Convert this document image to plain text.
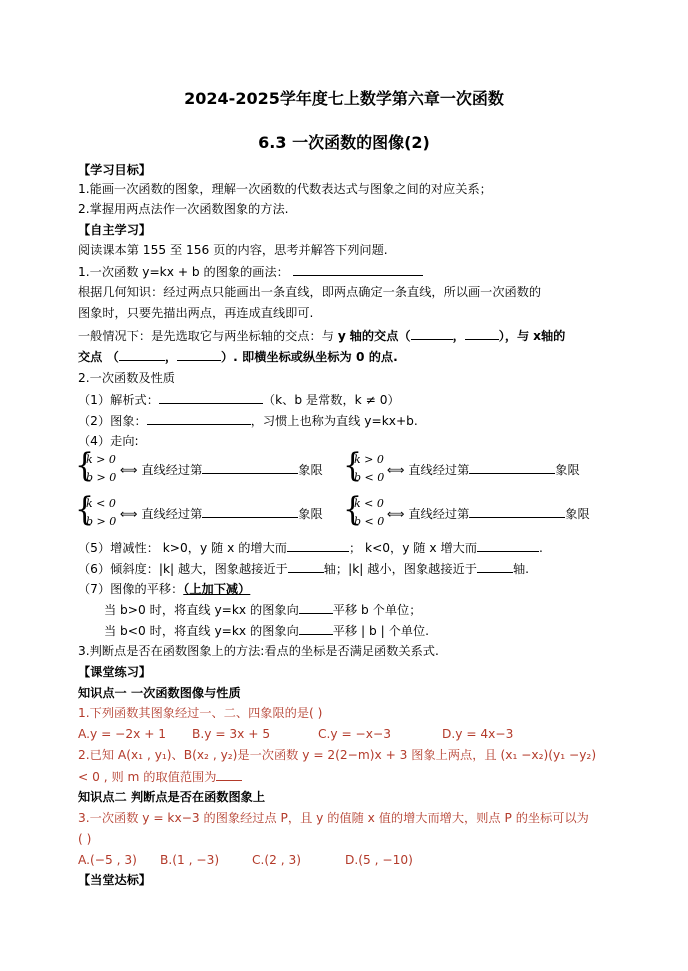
2024-2025学年度七上数学第六章一次函数
6.3 一次函数的图像(2)
【学习目标】
1.能画一次函数的图象，理解一次函数的代数表达式与图象之间的对应关系；
2.掌握用两点法作一次函数图象的方法.
【自主学习】
阅读课本第 155 至 156 页的内容，思考并解答下列问题.
1.一次函数 y=kx + b 的图象的画法：
根据几何知识：经过两点只能画出一条直线，即两点确定一条直线，所以画一次函数的
图象时，只要先描出两点，再连成直线即可.
一般情况下：是先选取它与两坐标轴的交点：与 y 轴的交点（	，	），与 x轴的
交点 （	，	）. 即横坐标或纵坐标为 0 的点.
2.一次函数及性质
（1）解析式：	（k、b 是常数，k ≠ 0）
（2）图象：	，习惯上也称为直线 y=kx+b.
（4）走向:
{
k > 0
b > 0
⟺ 直线经过第	象限 {
k > 0
b < 0
⟺ 直线经过第	象限
{
k < 0
b > 0
⟺ 直线经过第	象限 {
k < 0
b < 0
⟺ 直线经过第	象限
（5）增减性： k>0，y 随 x 的增大而	； k<0，y 随 x 增大而	.
（6）倾斜度：|k| 越大，图象越接近于	轴；|k| 越小，图象越接近于	轴.
（7）图像的平移：（上加下减）
当 b>0 时，将直线 y=kx 的图象向	平移 b 个单位；
当 b<0 时，将直线 y=kx 的图象向	平移 | b | 个单位.
3.判断点是否在函数图象上的方法:看点的坐标是否满足函数关系式.
【课堂练习】
知识点一 一次函数图像与性质
1.下列函数其图象经过一、二、四象限的是( )
A.y = −2x + 1 B.y = 3x + 5	C.y = −x−3	D.y = 4x−3
2.已知 A(x₁ , y₁)、B(x₂ , y₂)是一次函数 y = 2(2−m)x + 3 图象上两点，且 (x₁ −x₂)(y₁ −y₂)
< 0 , 则 m 的取值范围为
知识点二 判断点是否在函数图象上
3.一次函数 y = kx−3 的图象经过点 P，且 y 的值随 x 值的增大而增大，则点 P 的坐标可以为
( )
A.(−5 , 3) B.(1 , −3)	C.(2 , 3)	D.(5 , −10)
【当堂达标】
